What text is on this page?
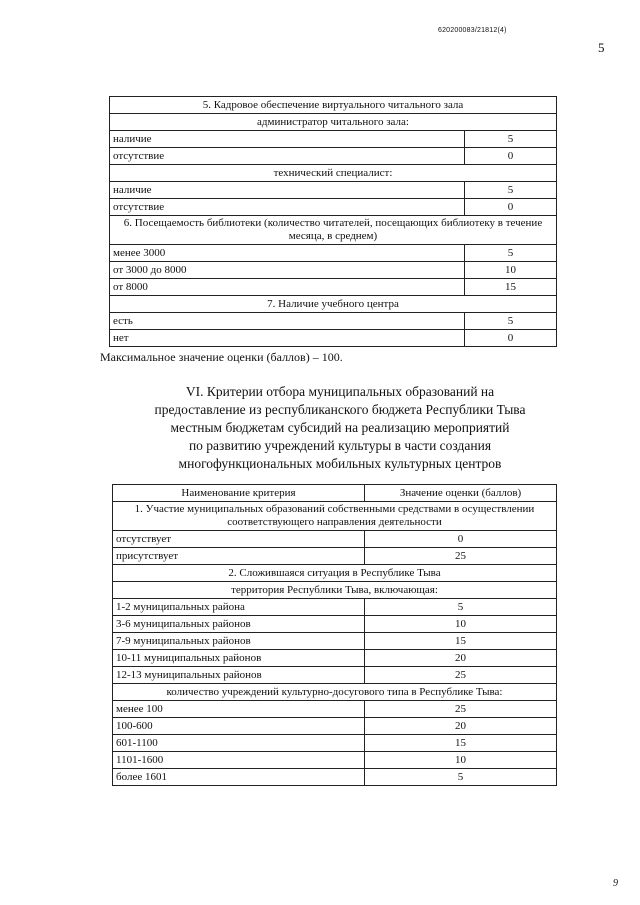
620200083/21812(4)
5
5. Кадровое обеспечение виртуального читального зала	
администратор читального зала:	
наличие	5
отсутствие	0
технический специалист:	
наличие	5
отсутствие	0
6. Посещаемость библиотеки (количество читателей, посещающих библиотеку в течение месяца, в среднем)	
менее 3000	5
от 3000 до 8000	10
от 8000	15
7. Наличие учебного центра	
есть	5
нет	0
Максимальное значение оценки (баллов) – 100.
VI. Критерии отбора муниципальных образований на
предоставление из республиканского бюджета Республики Тыва
местным бюджетам субсидий на реализацию мероприятий
по развитию учреждений культуры в части создания
многофункциональных мобильных культурных центров
Наименование критерия	Значение оценки (баллов)
1. Участие муниципальных образований собственными средствами в осуществлении соответствующего направления деятельности	
отсутствует	0
присутствует	25
2. Сложившаяся ситуация в Республике Тыва	
территория Республики Тыва, включающая:	
1-2 муниципальных района	5
3-6 муниципальных районов	10
7-9 муниципальных районов	15
10-11 муниципальных районов	20
12-13 муниципальных районов	25
количество учреждений культурно-досугового типа в Республике Тыва:	
менее 100	25
100-600	20
601-1100	15
1101-1600	10
более 1601	5
9
